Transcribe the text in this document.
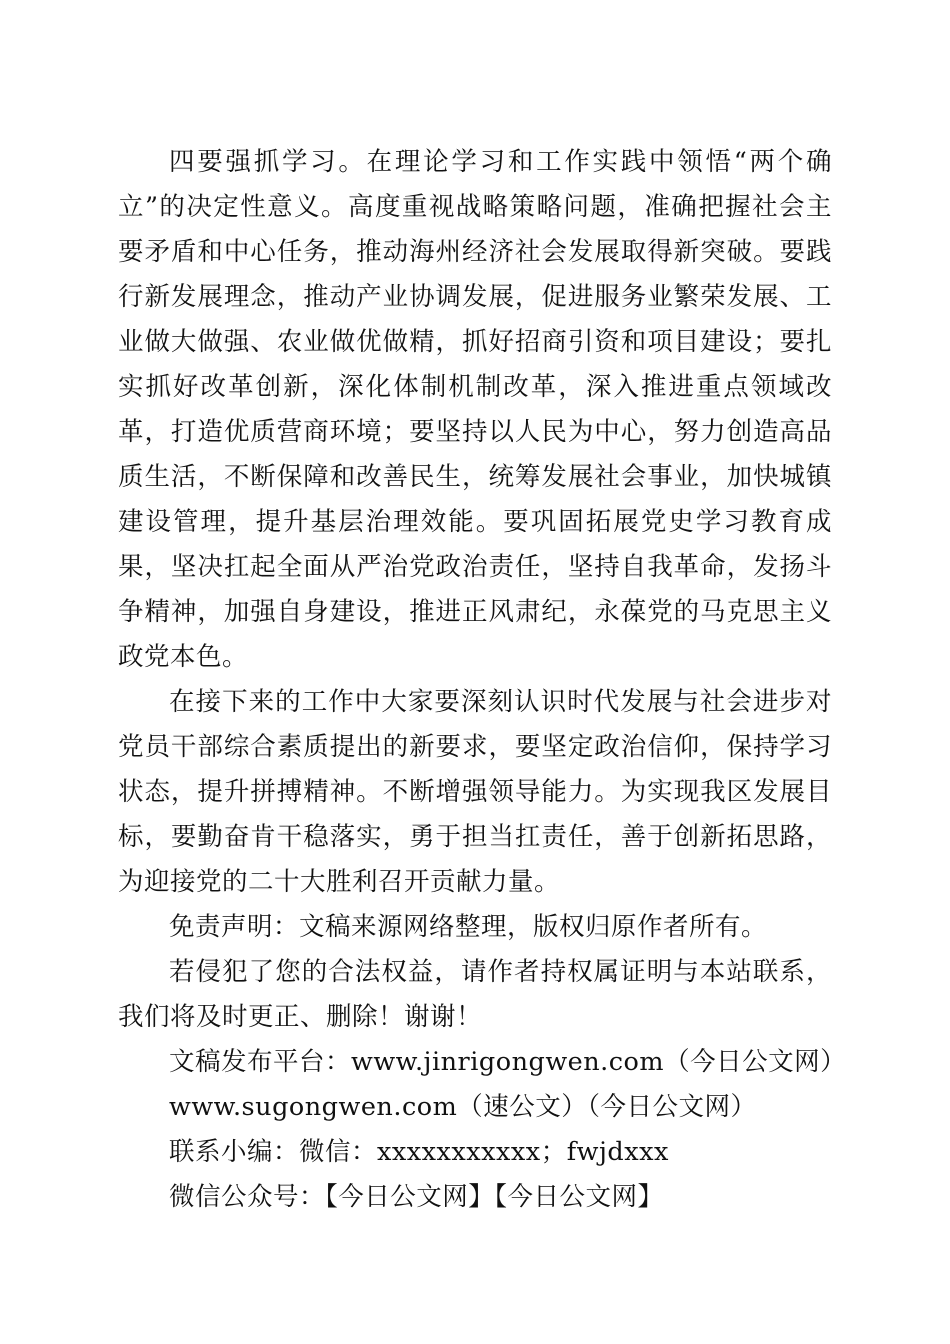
四要强抓学习。在理论学习和工作实践中领悟“两个确立”的决定性意义。高度重视战略策略问题，准确把握社会主要矛盾和中心任务，推动海州经济社会发展取得新突破。要践行新发展理念，推动产业协调发展，促进服务业繁荣发展、工业做大做强、农业做优做精，抓好招商引资和项目建设；要扎实抓好改革创新，深化体制机制改革，深入推进重点领域改革，打造优质营商环境；要坚持以人民为中心，努力创造高品质生活，不断保障和改善民生，统筹发展社会事业，加快城镇建设管理，提升基层治理效能。要巩固拓展党史学习教育成果，坚决扛起全面从严治党政治责任，坚持自我革命，发扬斗争精神，加强自身建设，推进正风肃纪，永葆党的马克思主义政党本色。

在接下来的工作中大家要深刻认识时代发展与社会进步对党员干部综合素质提出的新要求，要坚定政治信仰，保持学习状态，提升拼搏精神。不断增强领导能力。为实现我区发展目标，要勤奋肯干稳落实，勇于担当扛责任，善于创新拓思路，为迎接党的二十大胜利召开贡献力量。

免责声明：文稿来源网络整理，版权归原作者所有。

若侵犯了您的合法权益，请作者持权属证明与本站联系，我们将及时更正、删除！谢谢！

文稿发布平台：www.jinrigongwen.com（今日公文网）

www.sugongwen.com（速公文）（今日公文网）

联系小编：微信：xxxxxxxxxxx；fwjdxxx

微信公众号：【今日公文网】【今日公文网】
